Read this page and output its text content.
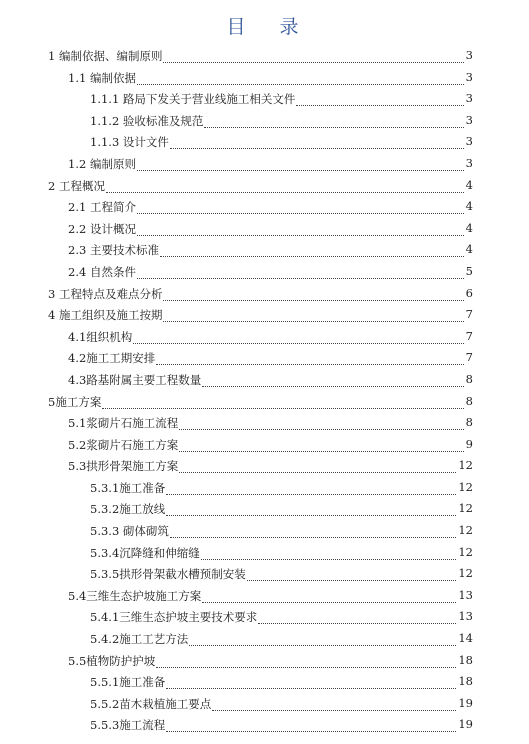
目 录
1 编制依据、编制原则	3
1.1 编制依据	3
1.1.1 路局下发关于营业线施工相关文件	3
1.1.2 验收标准及规范	3
1.1.3 设计文件	3
1.2 编制原则	3
2 工程概况	4
2.1 工程简介	4
2.2 设计概况	4
2.3 主要技术标准	4
2.4 自然条件	5
3 工程特点及难点分析	6
4 施工组织及施工按期	7
4.1组织机构	7
4.2施工工期安排	7
4.3路基附属主要工程数量	8
5施工方案	8
5.1浆砌片石施工流程	8
5.2浆砌片石施工方案	9
5.3拱形骨架施工方案	12
5.3.1施工准备	12
5.3.2施工放线	12
5.3.3 砌体砌筑	12
5.3.4沉降缝和伸缩缝	12
5.3.5拱形骨架截水槽预制安装	12
5.4三维生态护坡施工方案	13
5.4.1三维生态护坡主要技术要求	13
5.4.2施工工艺方法	14
5.5植物防护护坡	18
5.5.1施工准备	18
5.5.2苗木栽植施工要点	19
5.5.3施工流程	19
